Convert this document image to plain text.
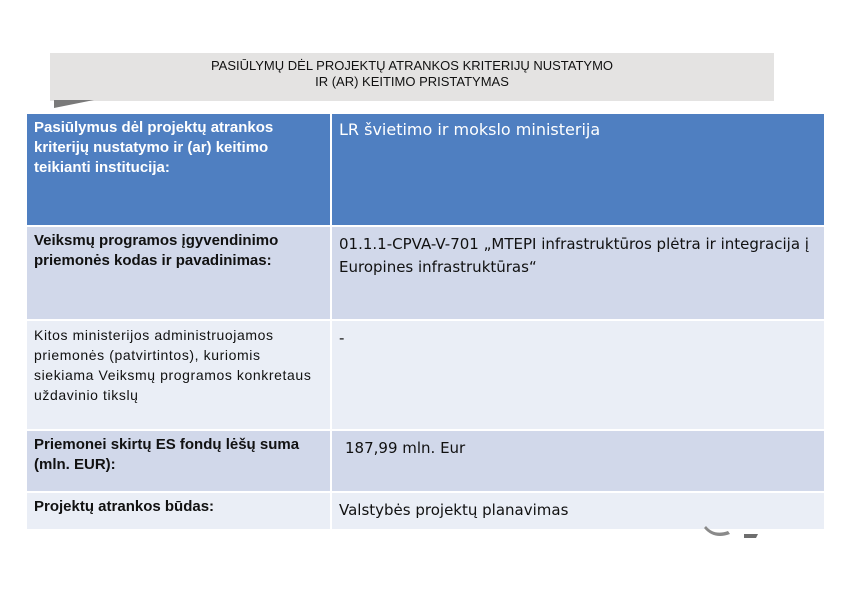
PASIŪLYMŲ DĖL PROJEKTŲ ATRANKOS KRITERIJŲ NUSTATYMO
IR (AR) KEITIMO PRISTATYMAS
Pasiūlymus dėl projektų atrankos kriterijų nustatymo ir (ar) keitimo teikianti institucija:
LR švietimo ir mokslo ministerija
Veiksmų programos įgyvendinimo priemonės kodas ir pavadinimas:
01.1.1-CPVA-V-701 „MTEPI infrastruktūros plėtra ir integracija į Europines infrastruktūras“
Kitos ministerijos administruojamos priemonės (patvirtintos), kuriomis siekiama Veiksmų programos konkretaus uždavinio tikslų
-
Priemonei skirtų ES fondų lėšų suma (mln. EUR):
187,99 mln. Eur
Projektų atrankos būdas:	Valstybės projektų planavimas
